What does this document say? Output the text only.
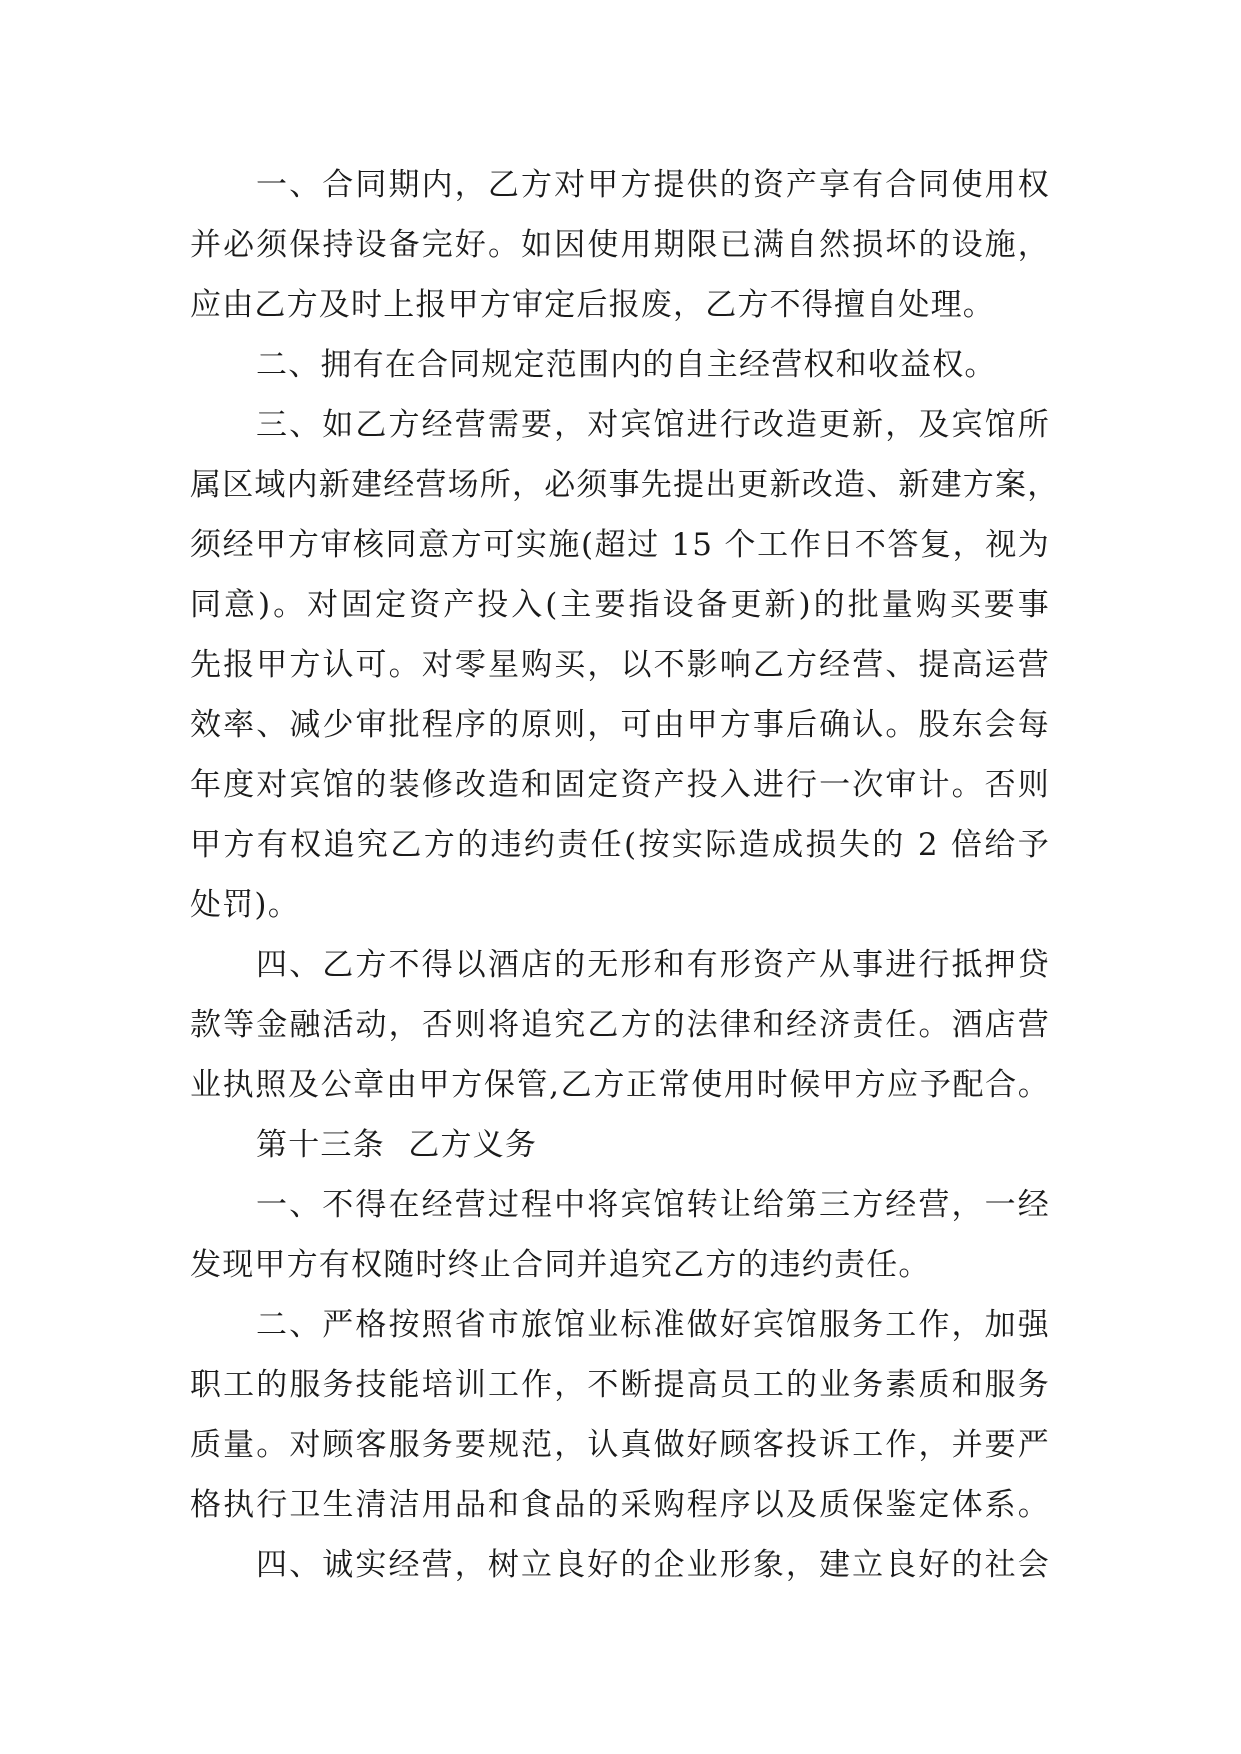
一、合同期内，乙方对甲方提供的资产享有合同使用权
并必须保持设备完好。如因使用期限已满自然损坏的设施，
应由乙方及时上报甲方审定后报废，乙方不得擅自处理。
二、拥有在合同规定范围内的自主经营权和收益权。
三、如乙方经营需要，对宾馆进行改造更新，及宾馆所
属区域内新建经营场所，必须事先提出更新改造、新建方案，
须经甲方审核同意方可实施(超过 15 个工作日不答复，视为
同意)。对固定资产投入(主要指设备更新)的批量购买要事
先报甲方认可。对零星购买，以不影响乙方经营、提高运营
效率、减少审批程序的原则，可由甲方事后确认。股东会每
年度对宾馆的装修改造和固定资产投入进行一次审计。否则
甲方有权追究乙方的违约责任(按实际造成损失的 2 倍给予
处罚)。
四、乙方不得以酒店的无形和有形资产从事进行抵押贷
款等金融活动，否则将追究乙方的法律和经济责任。酒店营
业执照及公章由甲方保管,乙方正常使用时候甲方应予配合。
第十三条 乙方义务
一、不得在经营过程中将宾馆转让给第三方经营，一经
发现甲方有权随时终止合同并追究乙方的违约责任。
二、严格按照省市旅馆业标准做好宾馆服务工作，加强
职工的服务技能培训工作，不断提高员工的业务素质和服务
质量。对顾客服务要规范，认真做好顾客投诉工作，并要严
格执行卫生清洁用品和食品的采购程序以及质保鉴定体系。
四、诚实经营，树立良好的企业形象，建立良好的社会
